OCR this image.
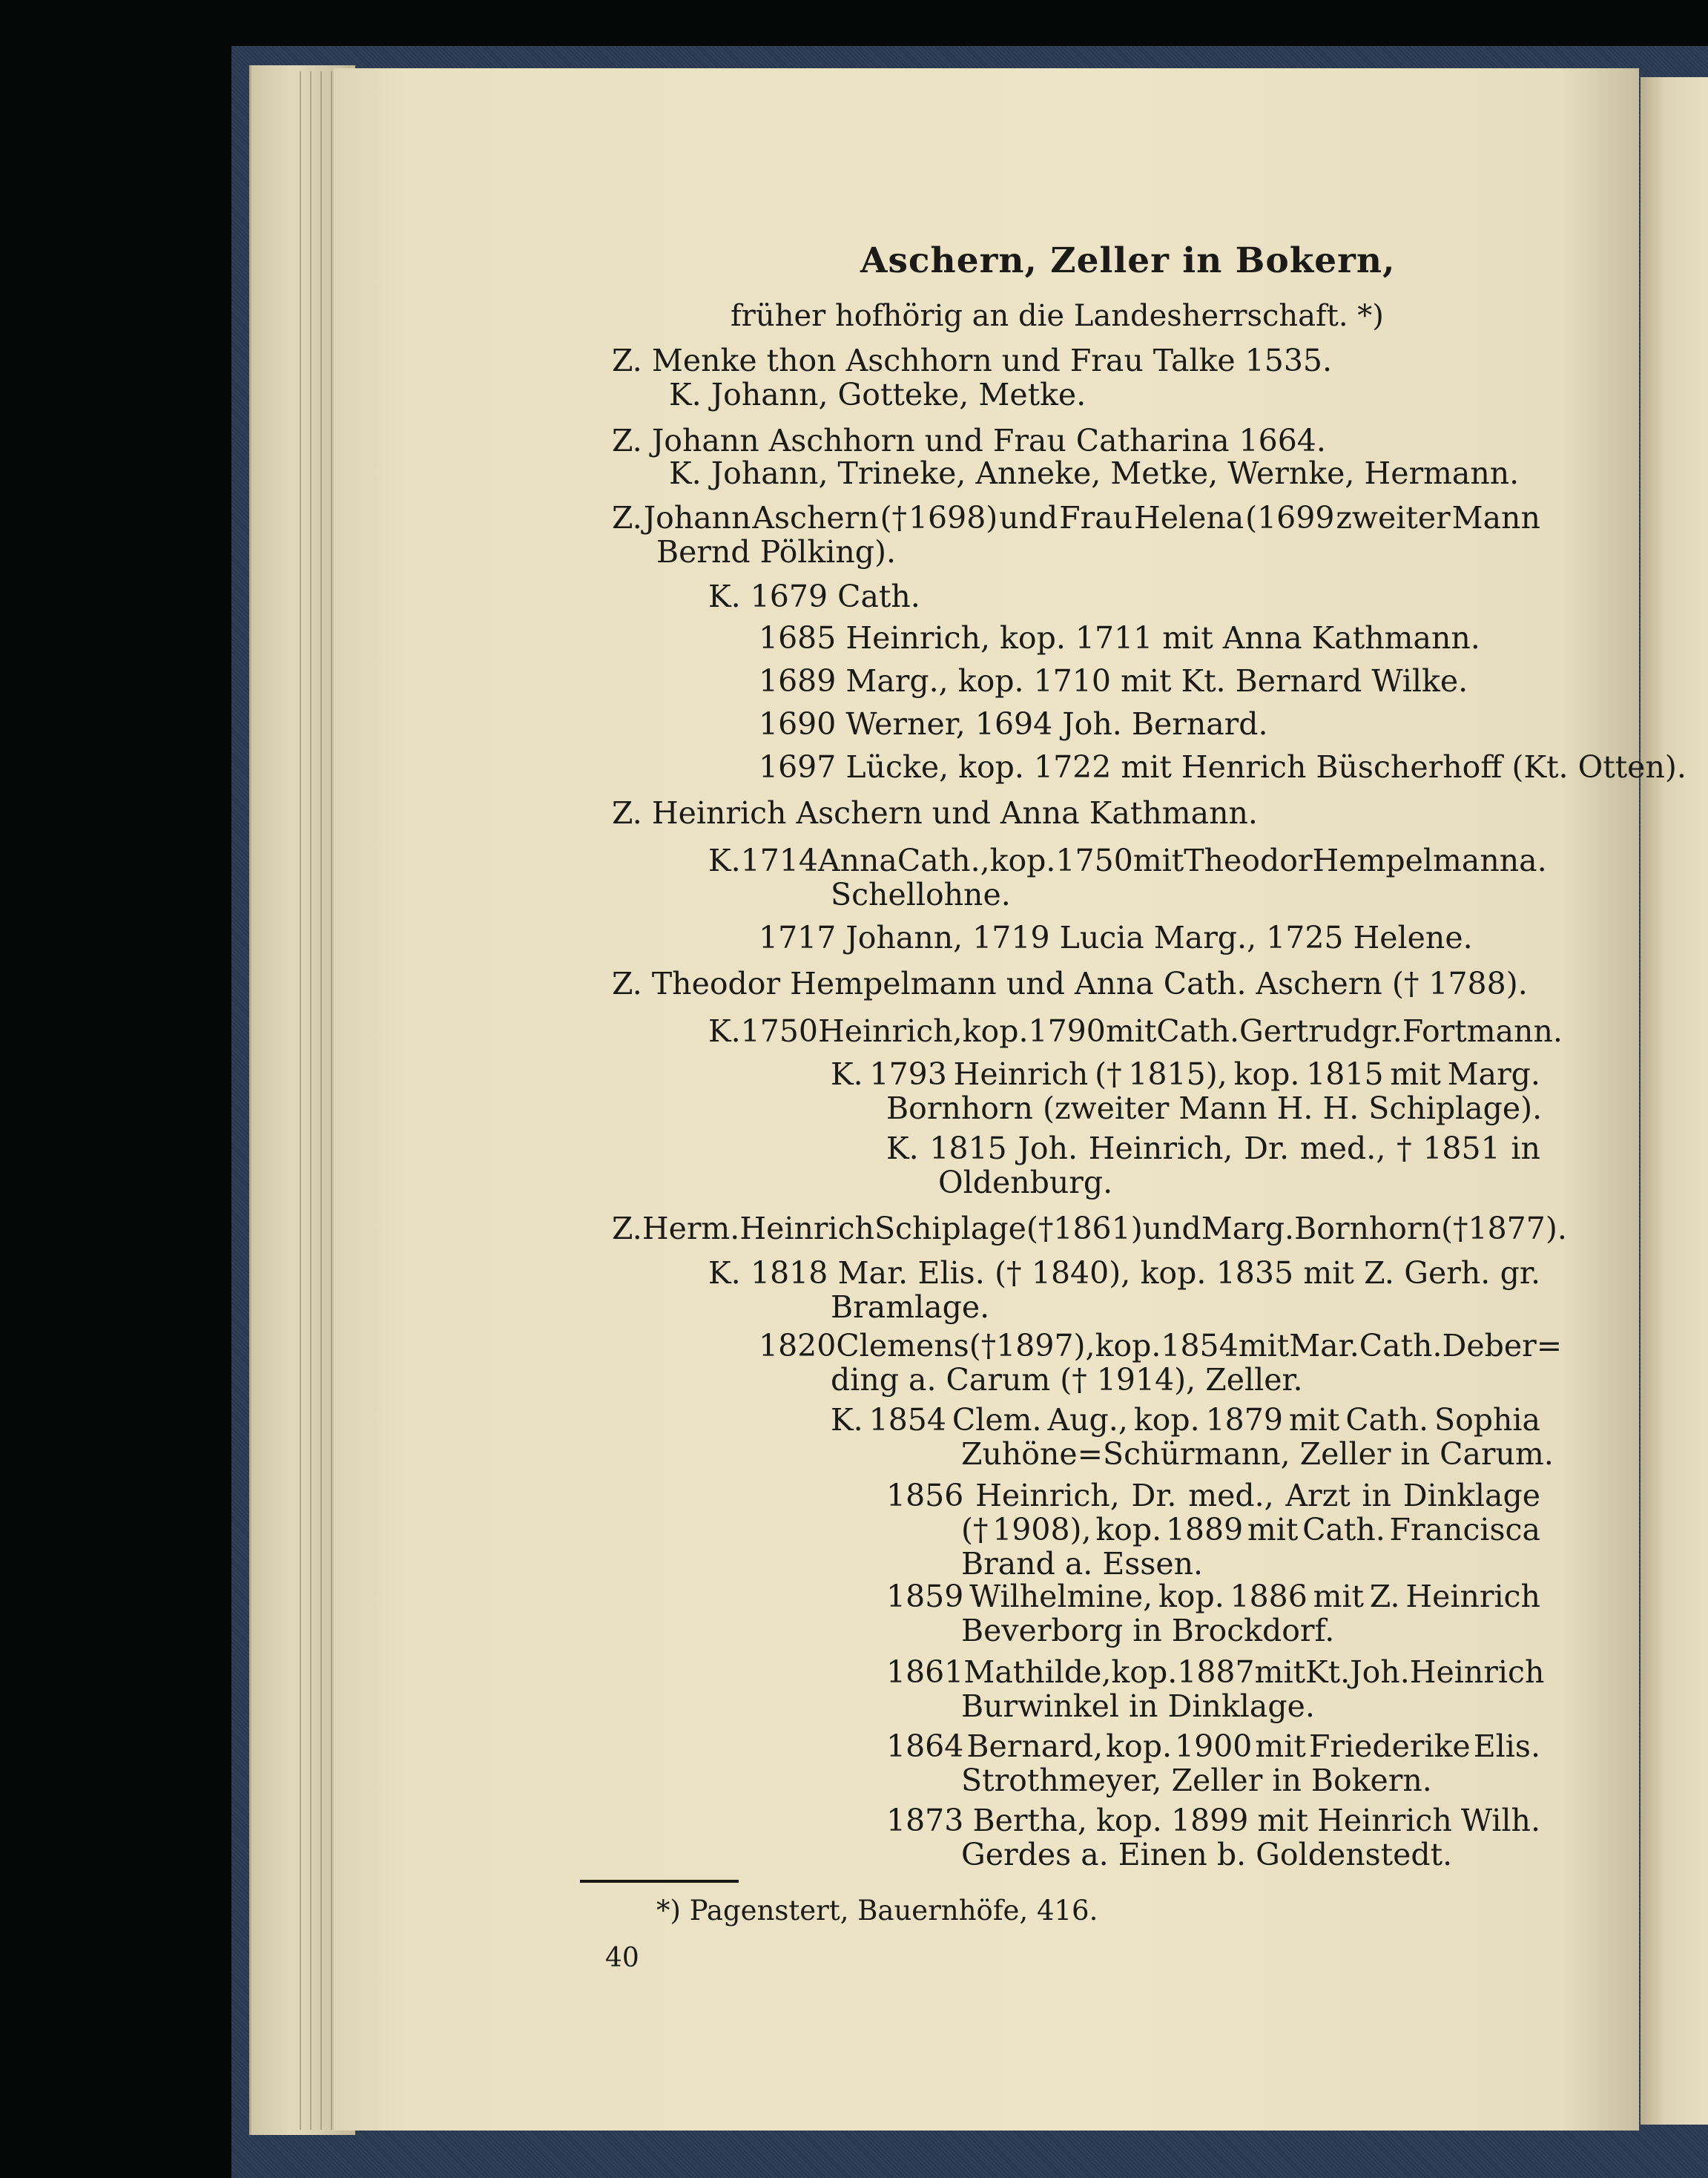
Aschern, Zeller in Bokern,
früher hofhörig an die Landesherrschaft. *)
Z. Menke thon Aschhorn und Frau Talke 1535.
K. Johann, Gotteke, Metke.
Z. Johann Aschhorn und Frau Catharina 1664.
K. Johann, Trineke, Anneke, Metke, Wernke, Hermann.
Z. Johann Aschern († 1698) und Frau Helena (1699 zweiter Mann
Bernd Pölking).
K. 1679 Cath.
1685 Heinrich, kop. 1711 mit Anna Kathmann.
1689 Marg., kop. 1710 mit Kt. Bernard Wilke.
1690 Werner, 1694 Joh. Bernard.
1697 Lücke, kop. 1722 mit Henrich Büscherhoff (Kt. Otten).
Z. Heinrich Aschern und Anna Kathmann.
K. 1714 Anna Cath., kop. 1750 mit Theodor Hempelmann a.
Schellohne.
1717 Johann, 1719 Lucia Marg., 1725 Helene.
Z. Theodor Hempelmann und Anna Cath. Aschern († 1788).
K. 1750 Heinrich, kop. 1790 mit Cath. Gertrud gr. Fortmann.
K. 1793 Heinrich († 1815), kop. 1815 mit Marg.
Bornhorn (zweiter Mann H. H. Schiplage).
K. 1815 Joh. Heinrich, Dr. med., † 1851 in
Oldenburg.
Z. Herm. Heinrich Schiplage († 1861) und Marg. Bornhorn († 1877).
K. 1818 Mar. Elis. († 1840), kop. 1835 mit Z. Gerh. gr.
Bramlage.
1820 Clemens († 1897), kop. 1854 mit Mar. Cath. Deber=
ding a. Carum († 1914), Zeller.
K. 1854 Clem. Aug., kop. 1879 mit Cath. Sophia
Zuhöne=Schürmann, Zeller in Carum.
1856 Heinrich, Dr. med., Arzt in Dinklage
(† 1908), kop. 1889 mit Cath. Francisca
Brand a. Essen.
1859 Wilhelmine, kop. 1886 mit Z. Heinrich
Beverborg in Brockdorf.
1861 Mathilde, kop. 1887 mit Kt. Joh. Heinrich
Burwinkel in Dinklage.
1864 Bernard, kop. 1900 mit Friederike Elis.
Strothmeyer, Zeller in Bokern.
1873 Bertha, kop. 1899 mit Heinrich Wilh.
Gerdes a. Einen b. Goldenstedt.
*) Pagenstert, Bauernhöfe, 416.
40
